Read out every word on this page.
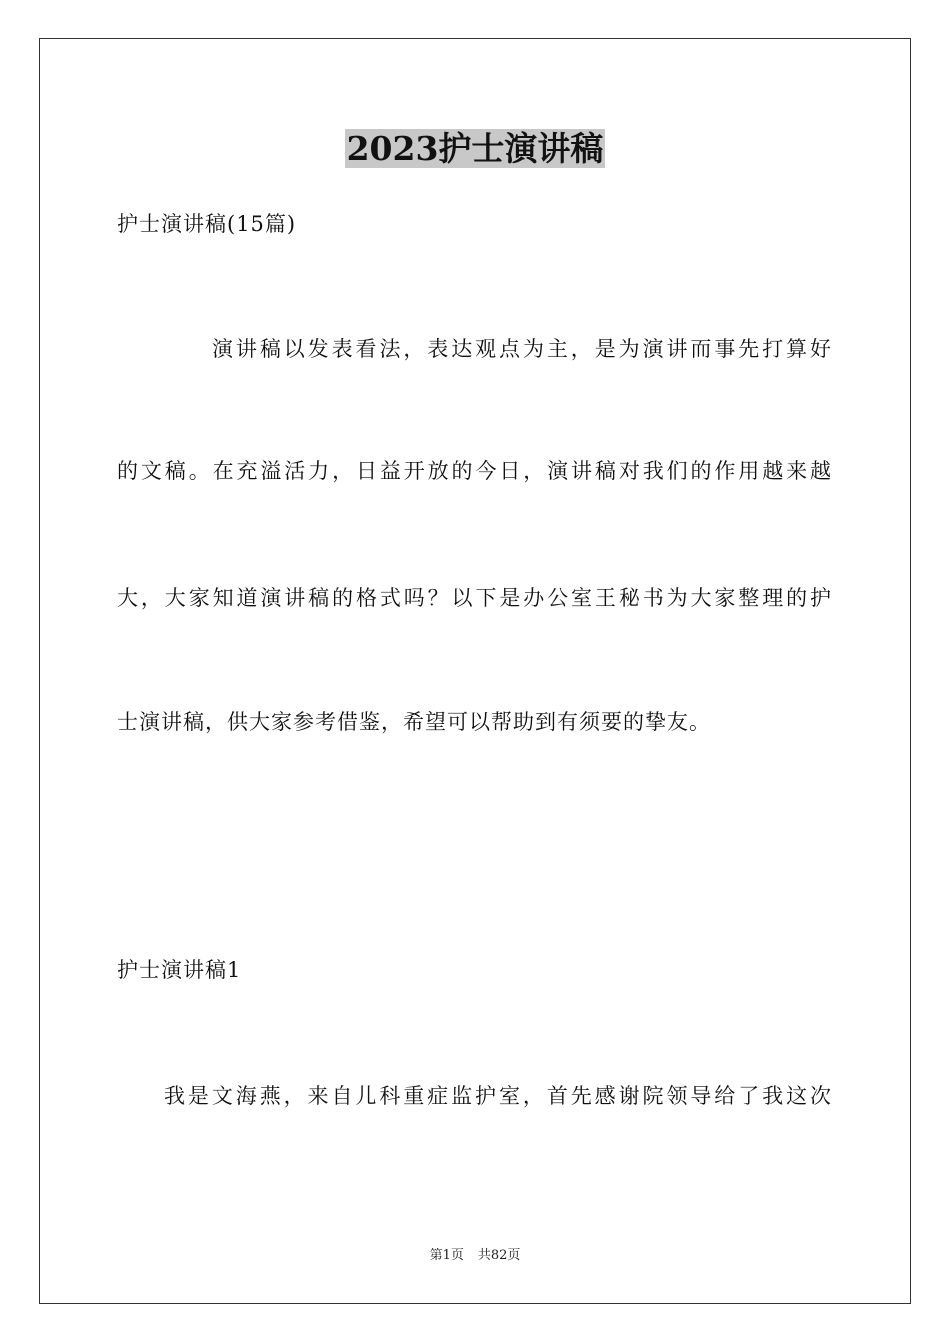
2023护士演讲稿
护士演讲稿(15篇)
演讲稿以发表看法，表达观点为主，是为演讲而事先打算好
的文稿。在充溢活力，日益开放的今日，演讲稿对我们的作用越来越
大，大家知道演讲稿的格式吗？以下是办公室王秘书为大家整理的护
士演讲稿，供大家参考借鉴，希望可以帮助到有须要的挚友。
护士演讲稿1
我是文海燕，来自儿科重症监护室，首先感谢院领导给了我这次
第1页 共82页
